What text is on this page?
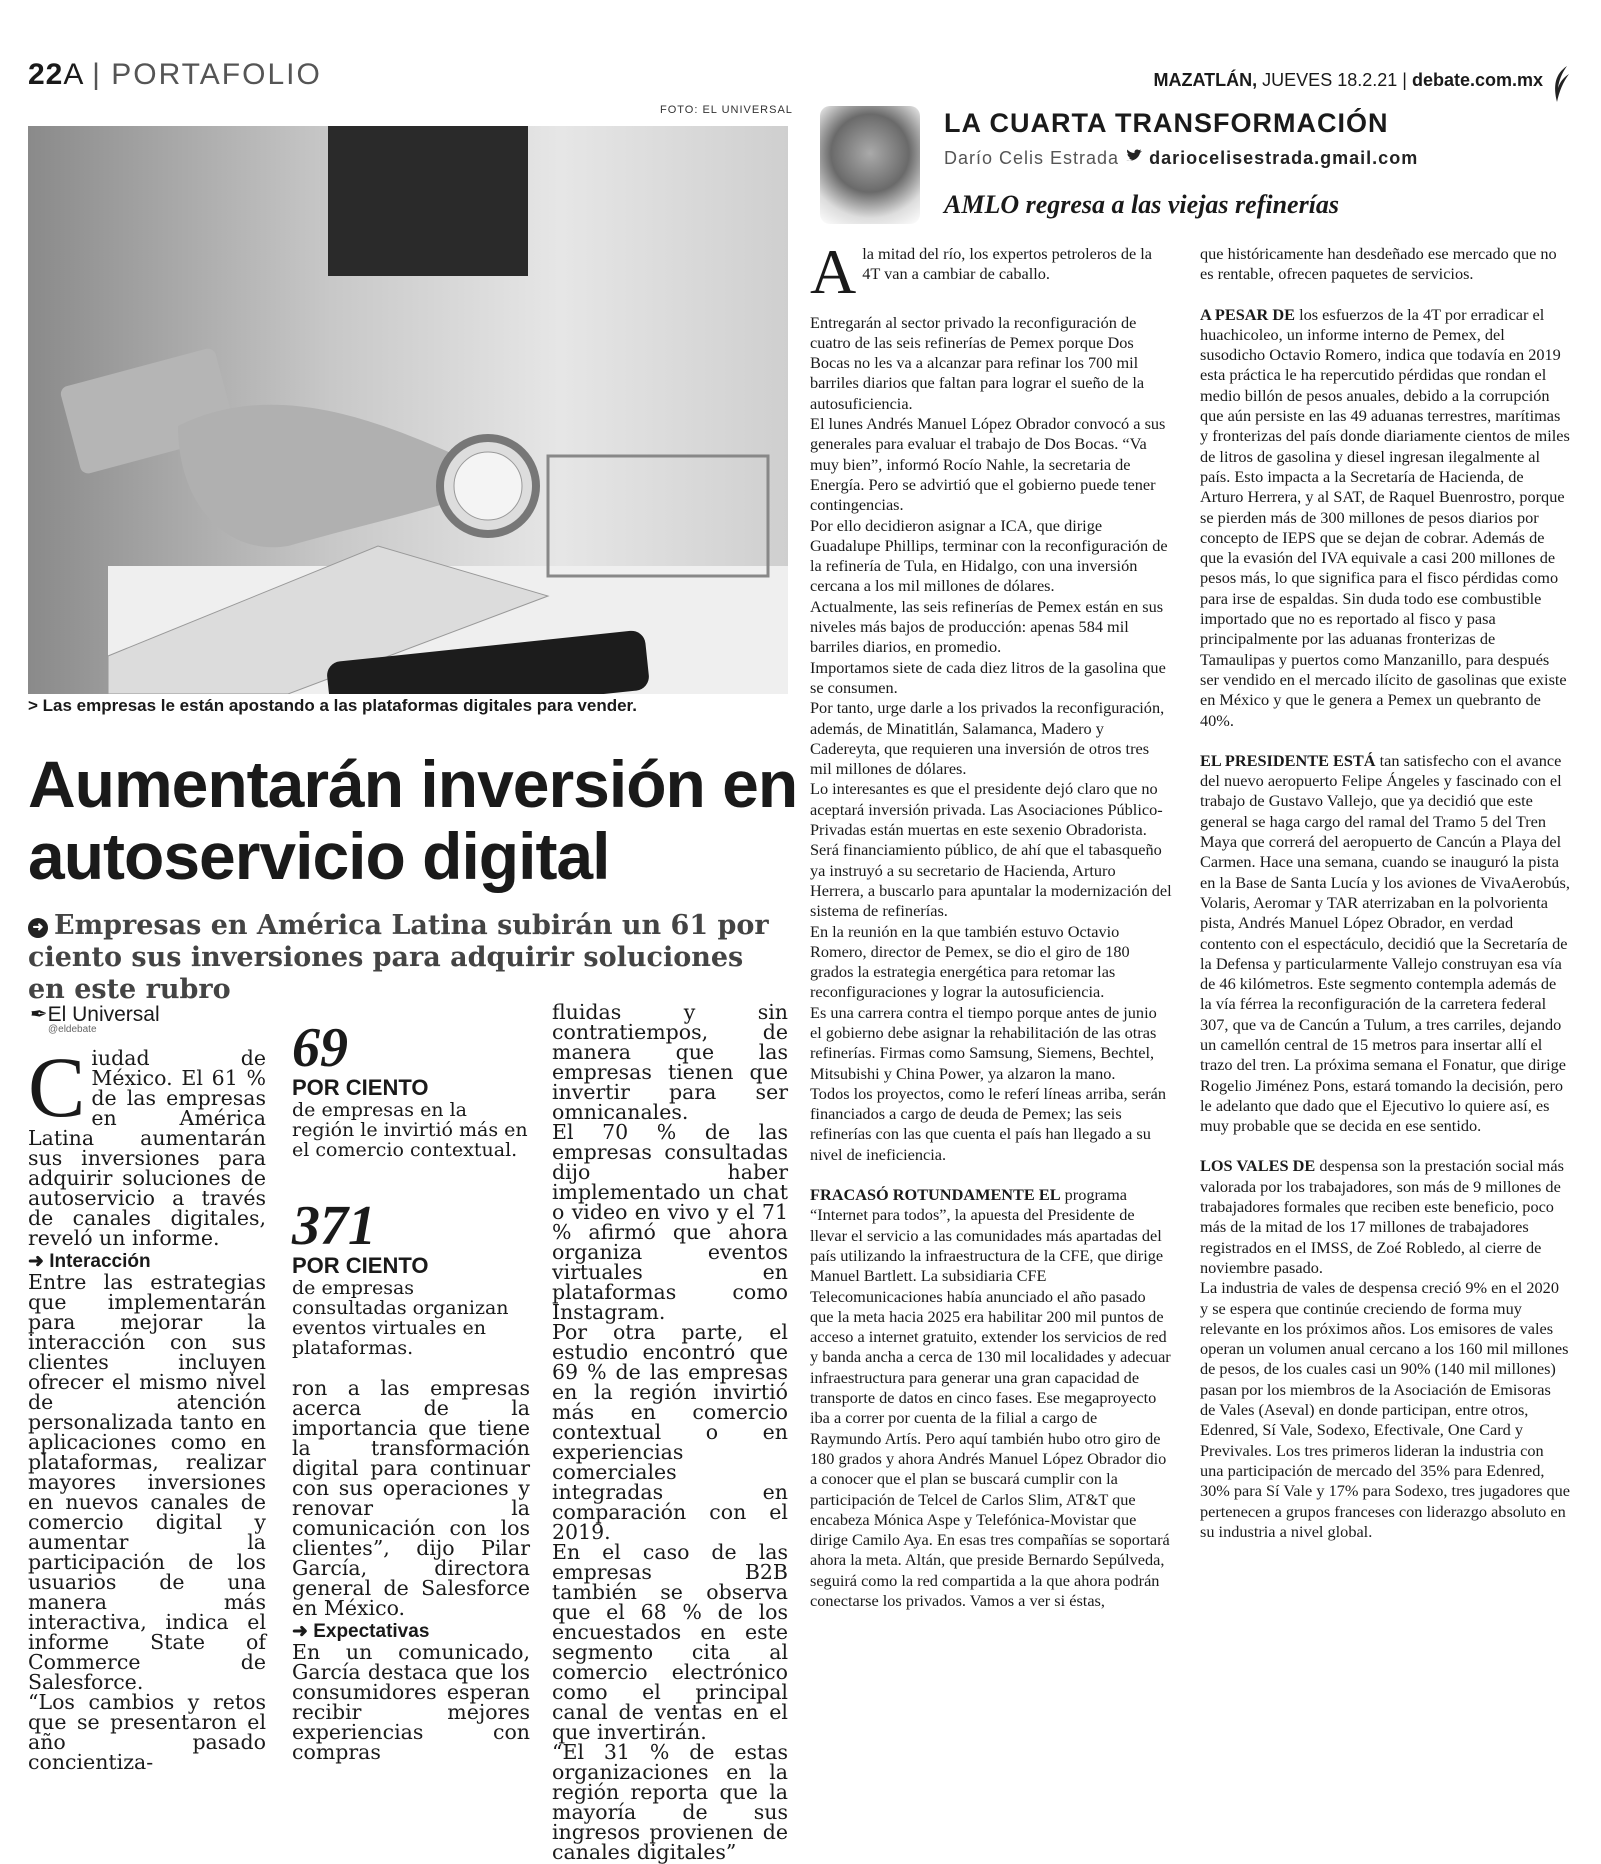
22A | PORTAFOLIO	MAZATLÁN, JUEVES 18.2.21 | debate.com.mx
FOTO: EL UNIVERSAL
> Las empresas le están apostando a las plataformas digitales para vender.
Aumentarán inversión en autoservicio digital
➜ Empresas en América Latina subirán un 61 por ciento sus inversiones para adquirir soluciones en este rubro
✒El Universal
@eldebate

Ciudad de México. El 61 % de las empresas en América Latina aumentarán sus inversiones para adquirir soluciones de autoservicio a través de canales digitales, reveló un informe.

➜ Interacción

Entre las estrategias que implementarán para mejorar la interacción con sus clientes incluyen ofrecer el mismo nivel de atención personalizada tanto en aplicaciones como en plataformas, realizar mayores inversiones en nuevos canales de comercio digital y aumentar la participación de los usuarios de una manera más interactiva, indica el informe State of Commerce de Salesforce.

“Los cambios y retos que se presentaron el año pasado concientiza-

69
POR CIENTO
de empresas en la región le invirtió más en el comercio contextual.
371
POR CIENTO
de empresas consultadas organizan eventos virtuales en plataformas.

ron a las empresas acerca de la importancia que tiene la transformación digital para continuar con sus operaciones y renovar la comunicación con los clientes”, dijo Pilar García, directora general de Salesforce en México.

➜ Expectativas

En un comunicado, García destaca que los consumidores esperan recibir mejores experiencias con compras

fluidas y sin contratiempos, de manera que las empresas tienen que invertir para ser omnicanales.

El 70 % de las empresas consultadas dijo haber implementado un chat o video en vivo y el 71 % afirmó que ahora organiza eventos virtuales en plataformas como Instagram.

Por otra parte, el estudio encontró que 69 % de las empresas en la región invirtió más en comercio contextual o en experiencias comerciales integradas en comparación con el 2019.

En el caso de las empresas B2B también se observa que el 68 % de los encuestados en este segmento cita al comercio electrónico como el principal canal de ventas en el que invertirán.

“El 31 % de estas organizaciones en la región reporta que la mayoría de sus ingresos provienen de canales digitales”

LA CUARTA TRANSFORMACIÓN
Darío Celis Estrada dariocelisestrada.gmail.com
AMLO regresa a las viejas refinerías

Ala mitad del río, los expertos petroleros de la 4T van a cambiar de caballo.

Entregarán al sector privado la reconfiguración de cuatro de las seis refinerías de Pemex porque Dos Bocas no les va a alcanzar para refinar los 700 mil barriles diarios que faltan para lograr el sueño de la autosuficiencia.

El lunes Andrés Manuel López Obrador convocó a sus generales para evaluar el trabajo de Dos Bocas. “Va muy bien”, informó Rocío Nahle, la secretaria de Energía. Pero se advirtió que el gobierno puede tener contingencias.

Por ello decidieron asignar a ICA, que dirige Guadalupe Phillips, terminar con la reconfiguración de la refinería de Tula, en Hidalgo, con una inversión cercana a los mil millones de dólares.

Actualmente, las seis refinerías de Pemex están en sus niveles más bajos de producción: apenas 584 mil barriles diarios, en promedio.

Importamos siete de cada diez litros de la gasolina que se consumen.

Por tanto, urge darle a los privados la reconfiguración, además, de Minatitlán, Salamanca, Madero y Cadereyta, que requieren una inversión de otros tres mil millones de dólares.

Lo interesantes es que el presidente dejó claro que no aceptará inversión privada. Las Asociaciones Público-Privadas están muertas en este sexenio Obradorista.

Será financiamiento público, de ahí que el tabasqueño ya instruyó a su secretario de Hacienda, Arturo Herrera, a buscarlo para apuntalar la modernización del sistema de refinerías.

En la reunión en la que también estuvo Octavio Romero, director de Pemex, se dio el giro de 180 grados la estrategia energética para retomar las reconfiguraciones y lograr la autosuficiencia.

Es una carrera contra el tiempo porque antes de junio el gobierno debe asignar la rehabilitación de las otras refinerías. Firmas como Samsung, Siemens, Bechtel, Mitsubishi y China Power, ya alzaron la mano.

Todos los proyectos, como le referí líneas arriba, serán financiados a cargo de deuda de Pemex; las seis refinerías con las que cuenta el país han llegado a su nivel de ineficiencia.

FRACASÓ ROTUNDAMENTE EL programa “Internet para todos”, la apuesta del Presidente de llevar el servicio a las comunidades más apartadas del país utilizando la infraestructura de la CFE, que dirige Manuel Bartlett. La subsidiaria CFE Telecomunicaciones había anunciado el año pasado que la meta hacia 2025 era habilitar 200 mil puntos de acceso a internet gratuito, extender los servicios de red y banda ancha a cerca de 130 mil localidades y adecuar infraestructura para generar una gran capacidad de transporte de datos en cinco fases. Ese megaproyecto iba a correr por cuenta de la filial a cargo de Raymundo Artís. Pero aquí también hubo otro giro de 180 grados y ahora Andrés Manuel López Obrador dio a conocer que el plan se buscará cumplir con la participación de Telcel de Carlos Slim, AT&T que encabeza Mónica Aspe y Telefónica-Movistar que dirige Camilo Aya. En esas tres compañías se soportará ahora la meta. Altán, que preside Bernardo Sepúlveda, seguirá como la red compartida a la que ahora podrán conectarse los privados. Vamos a ver si éstas,

que históricamente han desdeñado ese mercado que no es rentable, ofrecen paquetes de servicios.

A PESAR DE los esfuerzos de la 4T por erradicar el huachicoleo, un informe interno de Pemex, del susodicho Octavio Romero, indica que todavía en 2019 esta práctica le ha repercutido pérdidas que rondan el medio billón de pesos anuales, debido a la corrupción que aún persiste en las 49 aduanas terrestres, marítimas y fronterizas del país donde diariamente cientos de miles de litros de gasolina y diesel ingresan ilegalmente al país. Esto impacta a la Secretaría de Hacienda, de Arturo Herrera, y al SAT, de Raquel Buenrostro, porque se pierden más de 300 millones de pesos diarios por concepto de IEPS que se dejan de cobrar. Además de que la evasión del IVA equivale a casi 200 millones de pesos más, lo que significa para el fisco pérdidas como para irse de espaldas. Sin duda todo ese combustible importado que no es reportado al fisco y pasa principalmente por las aduanas fronterizas de Tamaulipas y puertos como Manzanillo, para después ser vendido en el mercado ilícito de gasolinas que existe en México y que le genera a Pemex un quebranto de 40%.

EL PRESIDENTE ESTÁ tan satisfecho con el avance del nuevo aeropuerto Felipe Ángeles y fascinado con el trabajo de Gustavo Vallejo, que ya decidió que este general se haga cargo del ramal del Tramo 5 del Tren Maya que correrá del aeropuerto de Cancún a Playa del Carmen. Hace una semana, cuando se inauguró la pista en la Base de Santa Lucía y los aviones de VivaAerobús, Volaris, Aeromar y TAR aterrizaban en la polvorienta pista, Andrés Manuel López Obrador, en verdad contento con el espectáculo, decidió que la Secretaría de la Defensa y particularmente Vallejo construyan esa vía de 46 kilómetros. Este segmento contempla además de la vía férrea la reconfiguración de la carretera federal 307, que va de Cancún a Tulum, a tres carriles, dejando un camellón central de 15 metros para insertar allí el trazo del tren. La próxima semana el Fonatur, que dirige Rogelio Jiménez Pons, estará tomando la decisión, pero le adelanto que dado que el Ejecutivo lo quiere así, es muy probable que se decida en ese sentido.

LOS VALES DE despensa son la prestación social más valorada por los trabajadores, son más de 9 millones de trabajadores formales que reciben este beneficio, poco más de la mitad de los 17 millones de trabajadores registrados en el IMSS, de Zoé Robledo, al cierre de noviembre pasado.

La industria de vales de despensa creció 9% en el 2020 y se espera que continúe creciendo de forma muy relevante en los próximos años. Los emisores de vales operan un volumen anual cercano a los 160 mil millones de pesos, de los cuales casi un 90% (140 mil millones) pasan por los miembros de la Asociación de Emisoras de Vales (Aseval) en donde participan, entre otros, Edenred, Sí Vale, Sodexo, Efectivale, One Card y Previvales. Los tres primeros lideran la industria con una participación de mercado del 35% para Edenred, 30% para Sí Vale y 17% para Sodexo, tres jugadores que pertenecen a grupos franceses con liderazgo absoluto en su industria a nivel global.
